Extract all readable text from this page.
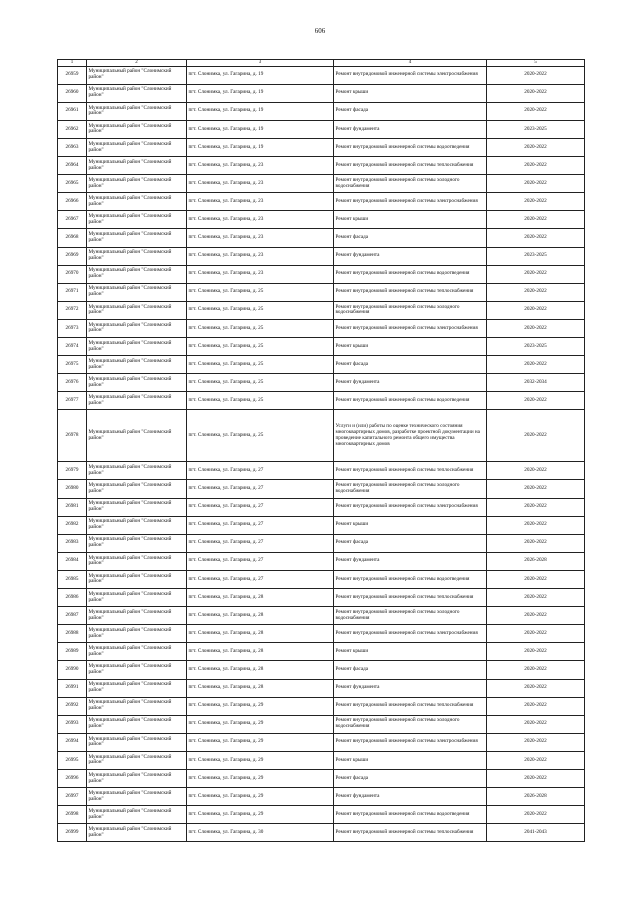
606
1	2	3	4	5
26959	Муниципальный район "Слонимский район"	пгт. Слонимка, ул. Гагарина, д. 19	Ремонт внутридомовой инженерной системы электроснабжения	2020-2022
26960	Муниципальный район "Слонимский район"	пгт. Слонимка, ул. Гагарина, д. 19	Ремонт крыши	2020-2022
26961	Муниципальный район "Слонимский район"	пгт. Слонимка, ул. Гагарина, д. 19	Ремонт фасада	2020-2022
26962	Муниципальный район "Слонимский район"	пгт. Слонимка, ул. Гагарина, д. 19	Ремонт фундамента	2023-2025
26963	Муниципальный район "Слонимский район"	пгт. Слонимка, ул. Гагарина, д. 19	Ремонт внутридомовой инженерной системы водоотведения	2020-2022
26964	Муниципальный район "Слонимский район"	пгт. Слонимка, ул. Гагарина, д. 23	Ремонт внутридомовой инженерной системы теплоснабжения	2020-2022
26965	Муниципальный район "Слонимский район"	пгт. Слонимка, ул. Гагарина, д. 23	Ремонт внутридомовой инженерной системы холодного водоснабжения	2020-2022
26966	Муниципальный район "Слонимский район"	пгт. Слонимка, ул. Гагарина, д. 23	Ремонт внутридомовой инженерной системы электроснабжения	2020-2022
26967	Муниципальный район "Слонимский район"	пгт. Слонимка, ул. Гагарина, д. 23	Ремонт крыши	2020-2022
26968	Муниципальный район "Слонимский район"	пгт. Слонимка, ул. Гагарина, д. 23	Ремонт фасада	2020-2022
26969	Муниципальный район "Слонимский район"	пгт. Слонимка, ул. Гагарина, д. 23	Ремонт фундамента	2023-2025
26970	Муниципальный район "Слонимский район"	пгт. Слонимка, ул. Гагарина, д. 23	Ремонт внутридомовой инженерной системы водоотведения	2020-2022
26971	Муниципальный район "Слонимский район"	пгт. Слонимка, ул. Гагарина, д. 25	Ремонт внутридомовой инженерной системы теплоснабжения	2020-2022
26972	Муниципальный район "Слонимский район"	пгт. Слонимка, ул. Гагарина, д. 25	Ремонт внутридомовой инженерной системы холодного водоснабжения	2020-2022
26973	Муниципальный район "Слонимский район"	пгт. Слонимка, ул. Гагарина, д. 25	Ремонт внутридомовой инженерной системы электроснабжения	2020-2022
26974	Муниципальный район "Слонимский район"	пгт. Слонимка, ул. Гагарина, д. 25	Ремонт крыши	2023-2025
26975	Муниципальный район "Слонимский район"	пгт. Слонимка, ул. Гагарина, д. 25	Ремонт фасада	2020-2022
26976	Муниципальный район "Слонимский район"	пгт. Слонимка, ул. Гагарина, д. 25	Ремонт фундамента	2032-2034
26977	Муниципальный район "Слонимский район"	пгт. Слонимка, ул. Гагарина, д. 25	Ремонт внутридомовой инженерной системы водоотведения	2020-2022
26978	Муниципальный район "Слонимский район"	пгт. Слонимка, ул. Гагарина, д. 25	Услуги и (или) работы по оценке технического состояния многоквартирных домов, разработке проектной документации на проведение капитального ремонта общего имущества многоквартирных домов	2020-2022
26979	Муниципальный район "Слонимский район"	пгт. Слонимка, ул. Гагарина, д. 27	Ремонт внутридомовой инженерной системы теплоснабжения	2020-2022
26980	Муниципальный район "Слонимский район"	пгт. Слонимка, ул. Гагарина, д. 27	Ремонт внутридомовой инженерной системы холодного водоснабжения	2020-2022
26981	Муниципальный район "Слонимский район"	пгт. Слонимка, ул. Гагарина, д. 27	Ремонт внутридомовой инженерной системы электроснабжения	2020-2022
26982	Муниципальный район "Слонимский район"	пгт. Слонимка, ул. Гагарина, д. 27	Ремонт крыши	2020-2022
26983	Муниципальный район "Слонимский район"	пгт. Слонимка, ул. Гагарина, д. 27	Ремонт фасада	2020-2022
26984	Муниципальный район "Слонимский район"	пгт. Слонимка, ул. Гагарина, д. 27	Ремонт фундамента	2026-2028
26985	Муниципальный район "Слонимский район"	пгт. Слонимка, ул. Гагарина, д. 27	Ремонт внутридомовой инженерной системы водоотведения	2020-2022
26986	Муниципальный район "Слонимский район"	пгт. Слонимка, ул. Гагарина, д. 28	Ремонт внутридомовой инженерной системы теплоснабжения	2020-2022
26987	Муниципальный район "Слонимский район"	пгт. Слонимка, ул. Гагарина, д. 28	Ремонт внутридомовой инженерной системы холодного водоснабжения	2020-2022
26988	Муниципальный район "Слонимский район"	пгт. Слонимка, ул. Гагарина, д. 28	Ремонт внутридомовой инженерной системы электроснабжения	2020-2022
26989	Муниципальный район "Слонимский район"	пгт. Слонимка, ул. Гагарина, д. 28	Ремонт крыши	2020-2022
26990	Муниципальный район "Слонимский район"	пгт. Слонимка, ул. Гагарина, д. 28	Ремонт фасада	2020-2022
26991	Муниципальный район "Слонимский район"	пгт. Слонимка, ул. Гагарина, д. 28	Ремонт фундамента	2020-2022
26992	Муниципальный район "Слонимский район"	пгт. Слонимка, ул. Гагарина, д. 29	Ремонт внутридомовой инженерной системы теплоснабжения	2020-2022
26993	Муниципальный район "Слонимский район"	пгт. Слонимка, ул. Гагарина, д. 29	Ремонт внутридомовой инженерной системы холодного водоснабжения	2020-2022
26994	Муниципальный район "Слонимский район"	пгт. Слонимка, ул. Гагарина, д. 29	Ремонт внутридомовой инженерной системы электроснабжения	2020-2022
26995	Муниципальный район "Слонимский район"	пгт. Слонимка, ул. Гагарина, д. 29	Ремонт крыши	2020-2022
26996	Муниципальный район "Слонимский район"	пгт. Слонимка, ул. Гагарина, д. 29	Ремонт фасада	2020-2022
26997	Муниципальный район "Слонимский район"	пгт. Слонимка, ул. Гагарина, д. 29	Ремонт фундамента	2026-2028
26998	Муниципальный район "Слонимский район"	пгт. Слонимка, ул. Гагарина, д. 29	Ремонт внутридомовой инженерной системы водоотведения	2020-2022
26999	Муниципальный район "Слонимский район"	пгт. Слонимка, ул. Гагарина, д. 30	Ремонт внутридомовой инженерной системы теплоснабжения	2041-2043
